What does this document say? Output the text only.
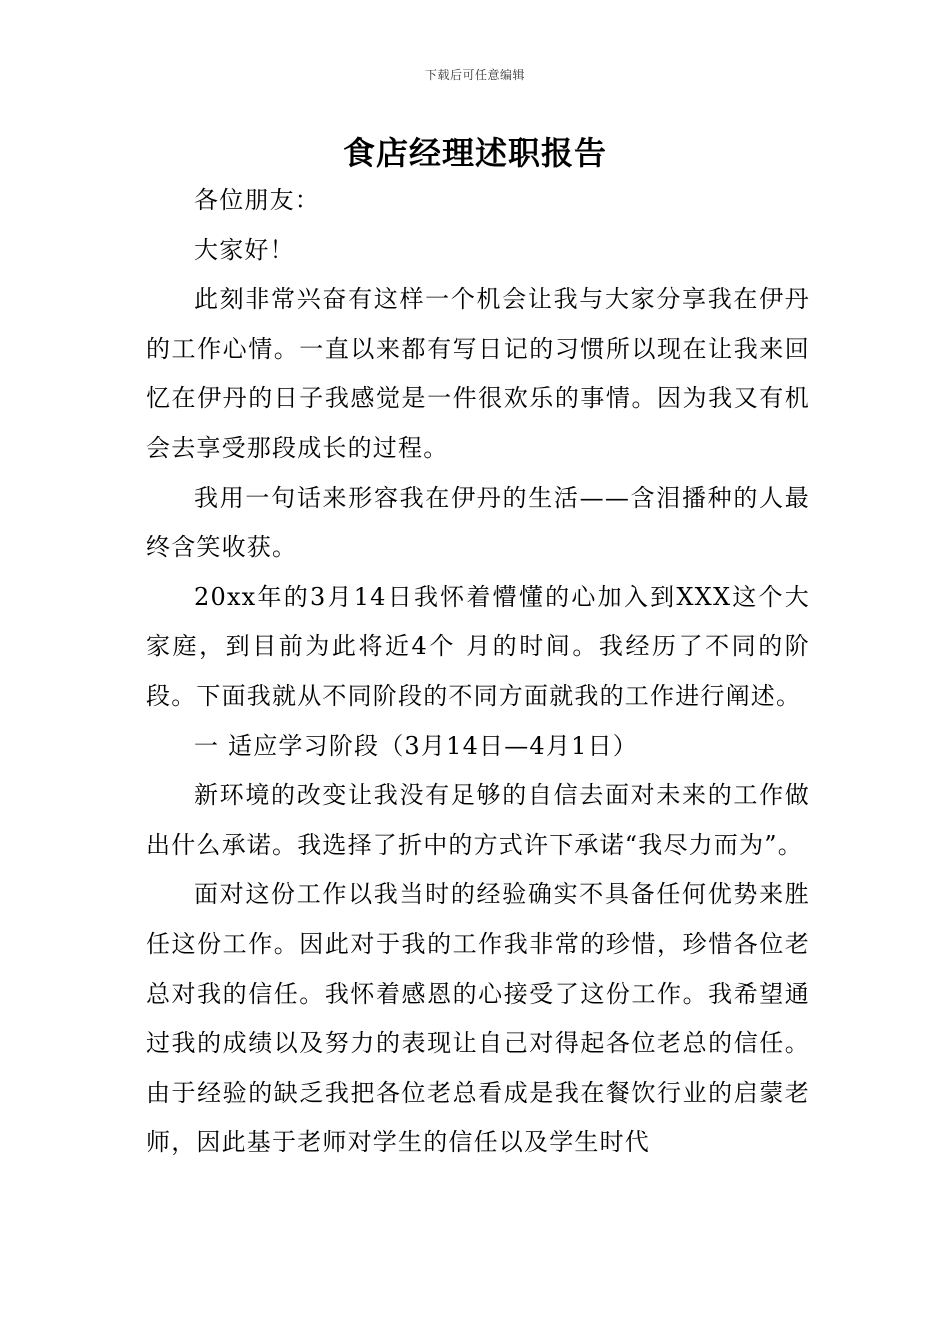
下载后可任意编辑
食店经理述职报告

各位朋友：

大家好！

此刻非常兴奋有这样一个机会让我与大家分享我在伊丹的工作心情。一直以来都有写日记的习惯所以现在让我来回忆在伊丹的日子我感觉是一件很欢乐的事情。因为我又有机会去享受那段成长的过程。

我用一句话来形容我在伊丹的生活——含泪播种的人最终含笑收获。

20xx年的3月14日我怀着懵懂的心加入到XXX这个大家庭，到目前为此将近4个 月的时间。我经历了不同的阶段。下面我就从不同阶段的不同方面就我的工作进行阐述。

一 适应学习阶段（3月14日—4月1日）

新环境的改变让我没有足够的自信去面对未来的工作做出什么承诺。我选择了折中的方式许下承诺“我尽力而为”。

面对这份工作以我当时的经验确实不具备任何优势来胜任这份工作。因此对于我的工作我非常的珍惜，珍惜各位老总对我的信任。我怀着感恩的心接受了这份工作。我希望通过我的成绩以及努力的表现让自己对得起各位老总的信任。由于经验的缺乏我把各位老总看成是我在餐饮行业的启蒙老师，因此基于老师对学生的信任以及学生时代
